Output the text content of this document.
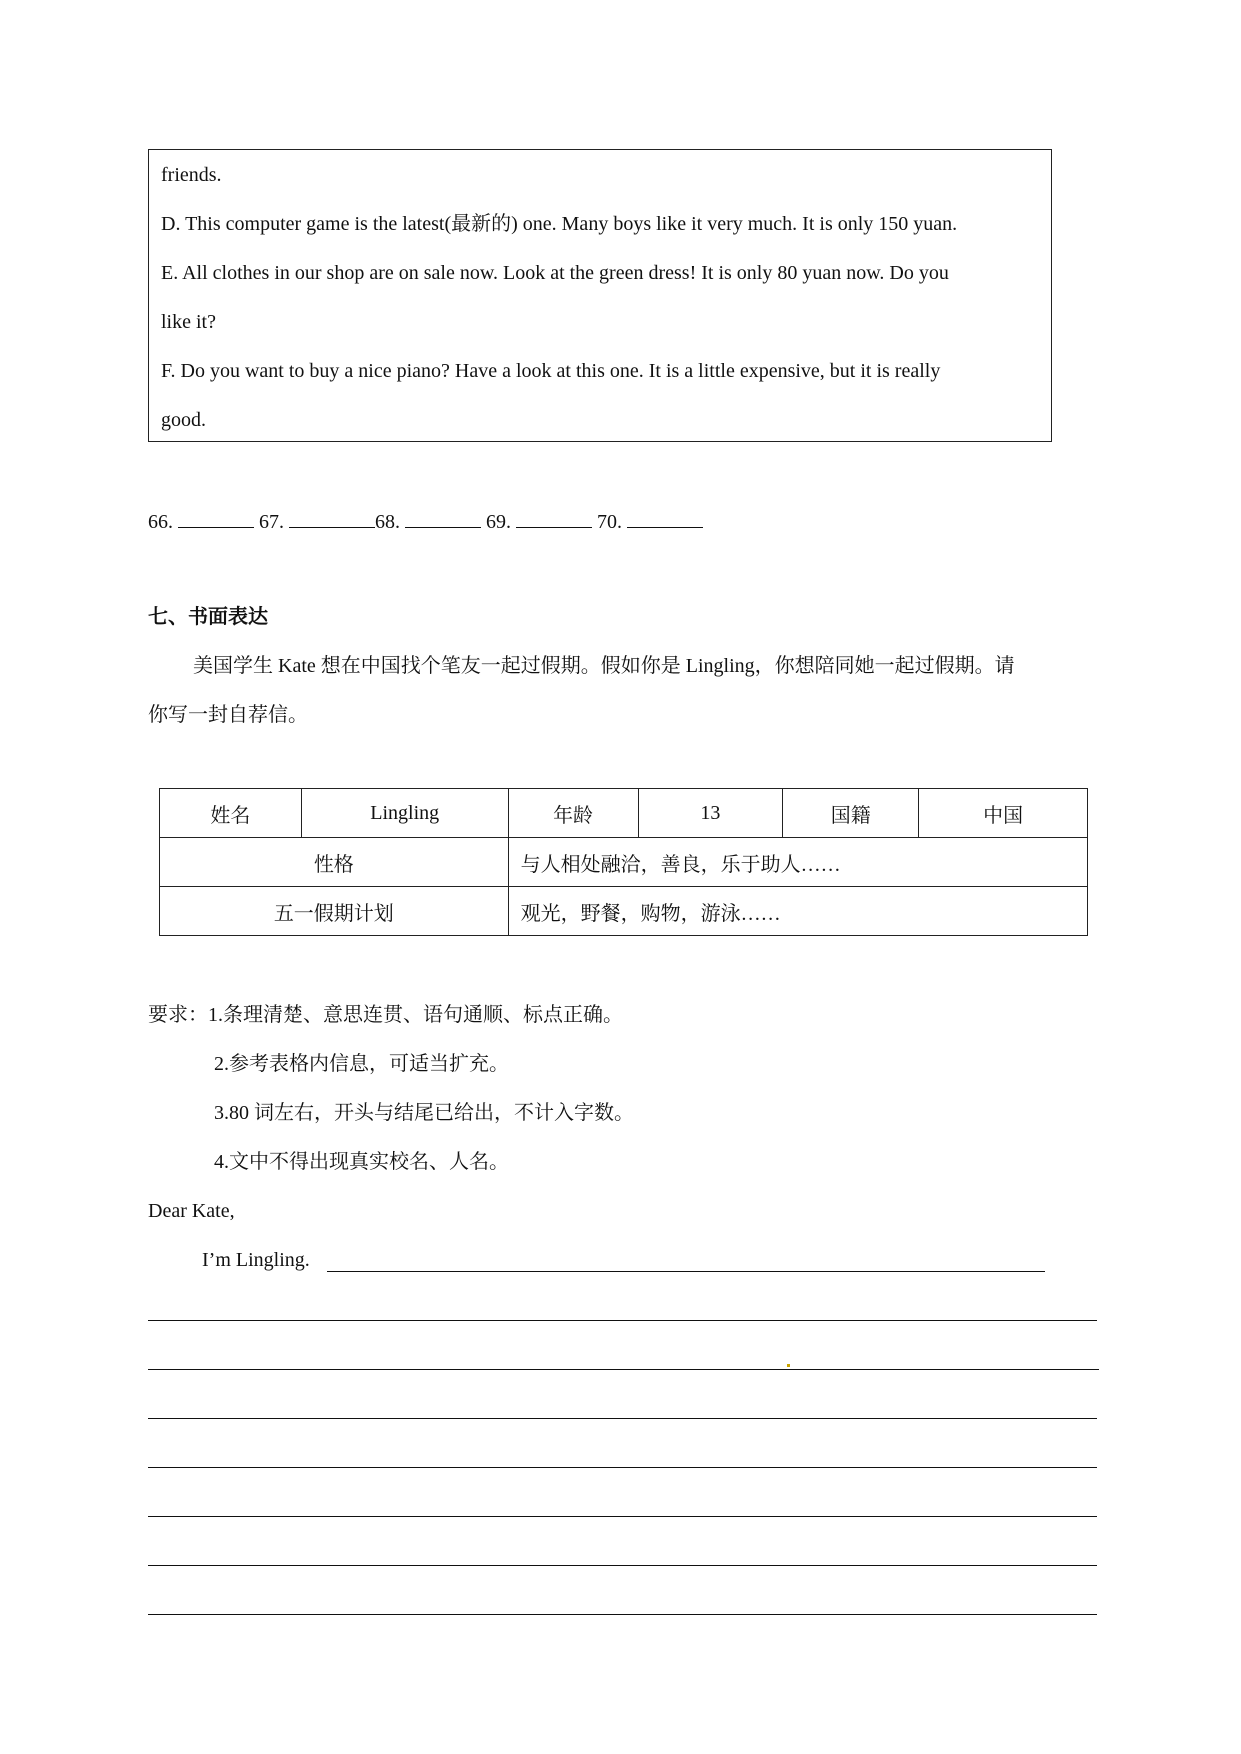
friends.
D. This computer game is the latest(最新的) one. Many boys like it very much. It is only 150 yuan.
E. All clothes in our shop are on sale now. Look at the green dress! It is only 80 yuan now. Do you
like it?
F. Do you want to buy a nice piano? Have a look at this one. It is a little expensive, but it is really
good.
66.	67.	68.	69.	70.
七、书面表达
美国学生 Kate 想在中国找个笔友一起过假期。假如你是 Lingling，你想陪同她一起过假期。请
你写一封自荐信。
姓名	Lingling	年龄	13	国籍	中国
性格		与人相处融洽，善良，乐于助人……			
五一假期计划		观光，野餐，购物，游泳……			
要求：1.条理清楚、意思连贯、语句通顺、标点正确。
2.参考表格内信息，可适当扩充。
3.80 词左右，开头与结尾已给出，不计入字数。
4.文中不得出现真实校名、人名。
Dear Kate,
I’m Lingling.
